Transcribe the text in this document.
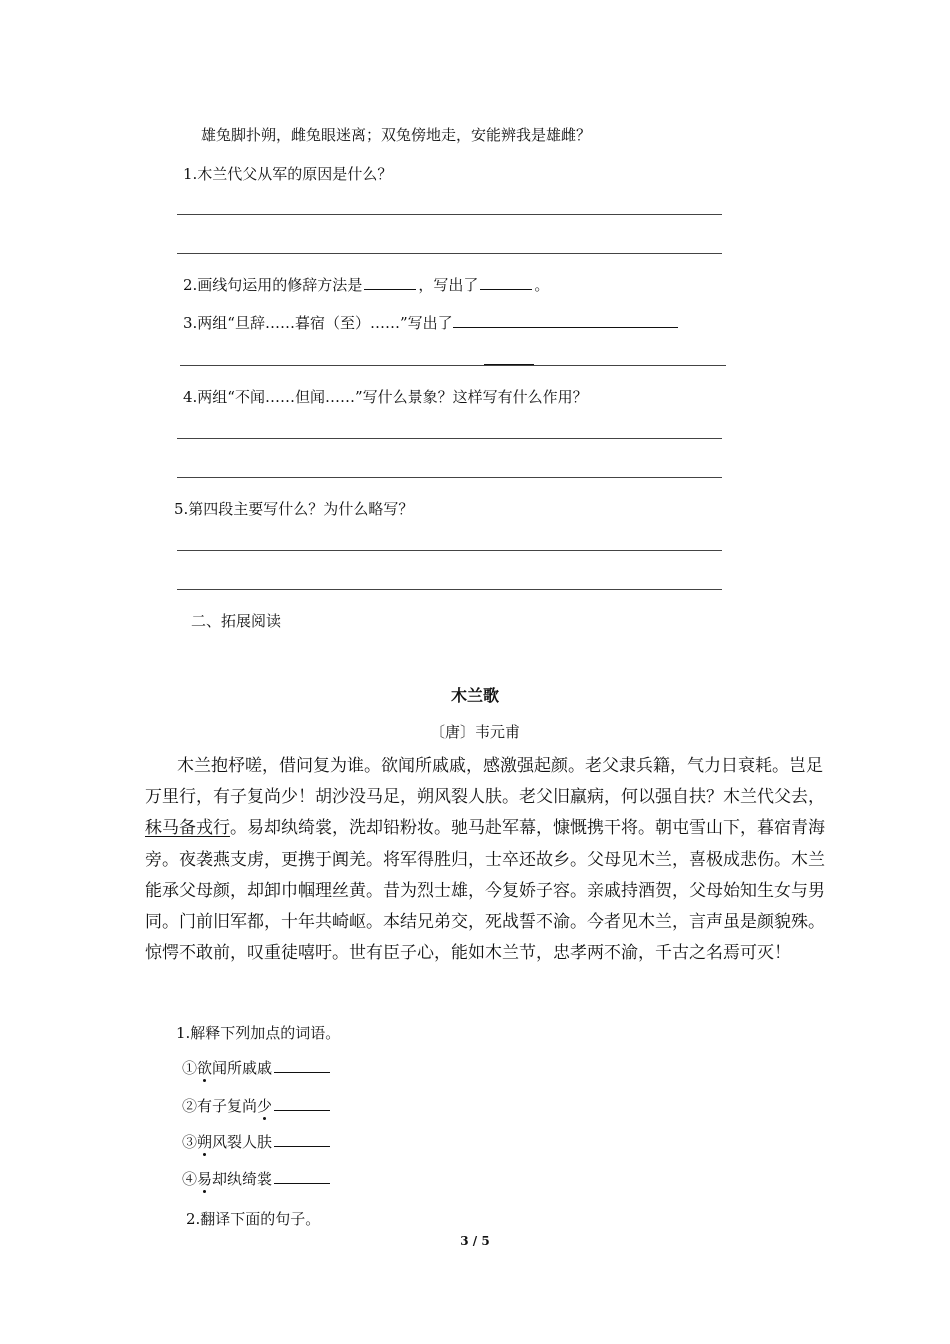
雄兔脚扑朔，雌兔眼迷离；双兔傍地走，安能辨我是雄雌？
1.木兰代父从军的原因是什么？
2.画线句运用的修辞方法是	，写出了	。
3.两组“旦辞……暮宿（至）……”写出了
4.两组“不闻……但闻……”写什么景象？这样写有什么作用？
5.第四段主要写什么？为什么略写？
二、拓展阅读
木兰歌
〔唐〕韦元甫
木兰抱杼嗟，借问复为谁。欲闻所戚戚，感激强起颜。老父隶兵籍，气力日衰耗。岂足
万里行，有子复尚少！胡沙没马足，朔风裂人肤。老父旧羸病，何以强自扶？木兰代父去，
秣马备戎行。易却纨绮裳，洗却铅粉妆。驰马赴军幕，慷慨携干将。朝屯雪山下，暮宿青海
旁。夜袭燕支虏，更携于阗羌。将军得胜归，士卒还故乡。父母见木兰，喜极成悲伤。木兰
能承父母颜，却卸巾帼理丝黄。昔为烈士雄，今复娇子容。亲戚持酒贺，父母始知生女与男
同。门前旧军都，十年共崎岖。本结兄弟交，死战誓不渝。今者见木兰，言声虽是颜貌殊。
惊愕不敢前，叹重徒嘻吁。世有臣子心，能如木兰节，忠孝两不渝，千古之名焉可灭！
1.解释下列加点的词语。
①欲闻所戚戚
②有子复尚少
③朔风裂人肤
④易却纨绮裳
2.翻译下面的句子。
3 / 5
